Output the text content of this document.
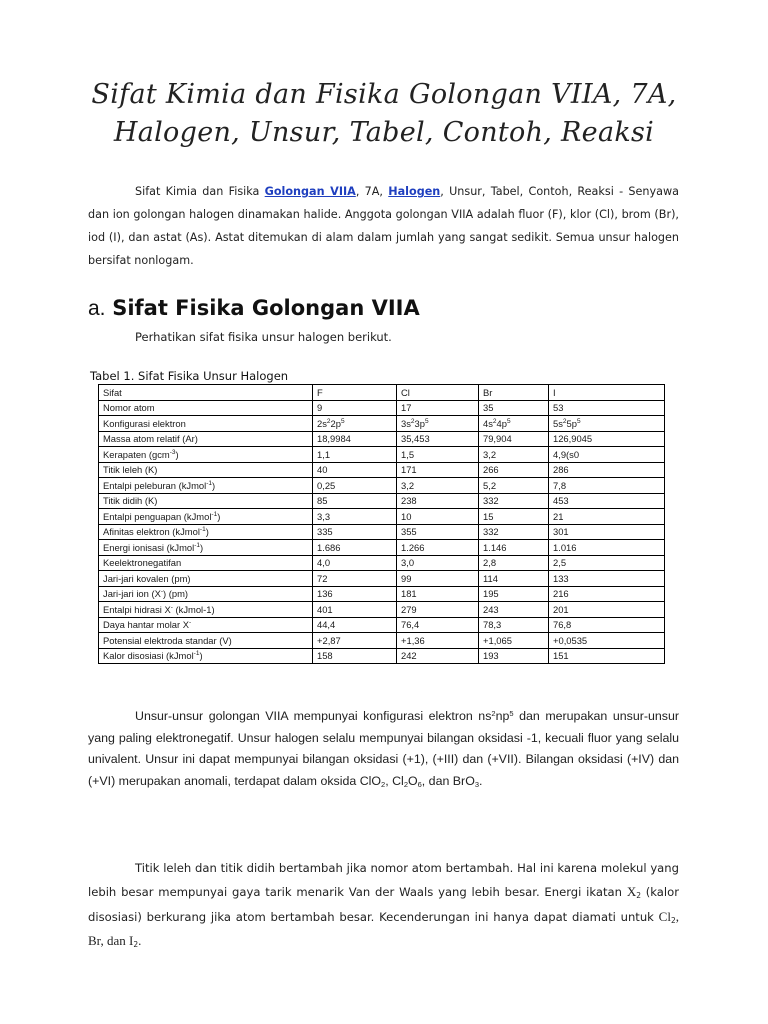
Sifat Kimia dan Fisika Golongan VIIA, 7A,
Halogen, Unsur, Tabel, Contoh, Reaksi

Sifat Kimia dan Fisika Golongan VIIA, 7A, Halogen, Unsur, Tabel, Contoh, Reaksi - Senyawa dan ion golongan halogen dinamakan halide. Anggota golongan VIIA adalah fluor (F), klor (Cl), brom (Br), iod (I), dan astat (As). Astat ditemukan di alam dalam jumlah yang sangat sedikit. Semua unsur halogen bersifat nonlogam.

a. Sifat Fisika Golongan VIIA
Perhatikan sifat fisika unsur halogen berikut.
Tabel 1. Sifat Fisika Unsur Halogen
Sifat	F	Cl	Br	I
Nomor atom	9	17	35	53
Konfigurasi elektron	$2s^22p^5$	$3s^23p^5$	$4s^24p^5$	$5s^25p^5$
Massa atom relatif (Ar)	18,9984	35,453	79,904	126,9045
Kerapaten (gcm$^{-3}$)	1,1	1,5	3,2	4,9(s0
Titik leleh (K)	40	171	266	286
Entalpi peleburan (kJmol$^{-1}$)	0,25	3,2	5,2	7,8
Titik didih (K)	85	238	332	453
Entalpi penguapan (kJmol$^{-1}$)	3,3	10	15	21
Afinitas elektron (kJmol$^{-1}$)	335	355	332	301
Energi ionisasi (kJmol$^{-1}$)	1.686	1.266	1.146	1.016
Keelektronegatifan	4,0	3,0	2,8	2,5
Jari-jari kovalen (pm)	72	99	114	133
Jari-jari ion (X-) (pm)	136	181	195	216
Entalpi hidrasi X- (kJmol-1)	401	279	243	201
Daya hantar molar X-	44,4	76,4	78,3	76,8
Potensial elektroda standar (V)	+2,87	+1,36	+1,065	+0,0535
Kalor disosiasi (kJmol$^{-1}$)	158	242	193	151

Unsur-unsur golongan VIIA mempunyai konfigurasi elektron $ns^2np^5$ dan merupakan unsur-unsur yang paling elektronegatif. Unsur halogen selalu mempunyai bilangan oksidasi -1, kecuali fluor yang selalu univalent. Unsur ini dapat mempunyai bilangan oksidasi (+1), (+III) dan (+VII). Bilangan oksidasi (+IV) dan (+VI) merupakan anomali, terdapat dalam oksida ClO$_2$, $Cl_2O_6$, dan BrO$_3$.

Titik leleh dan titik didih bertambah jika nomor atom bertambah. Hal ini karena molekul yang lebih besar mempunyai gaya tarik menarik Van der Waals yang lebih besar. Energi ikatan $X_2$ (kalor disosiasi) berkurang jika atom bertambah besar. Kecenderungan ini hanya dapat diamati untuk $Cl_2$, Br, dan $I_2$.
